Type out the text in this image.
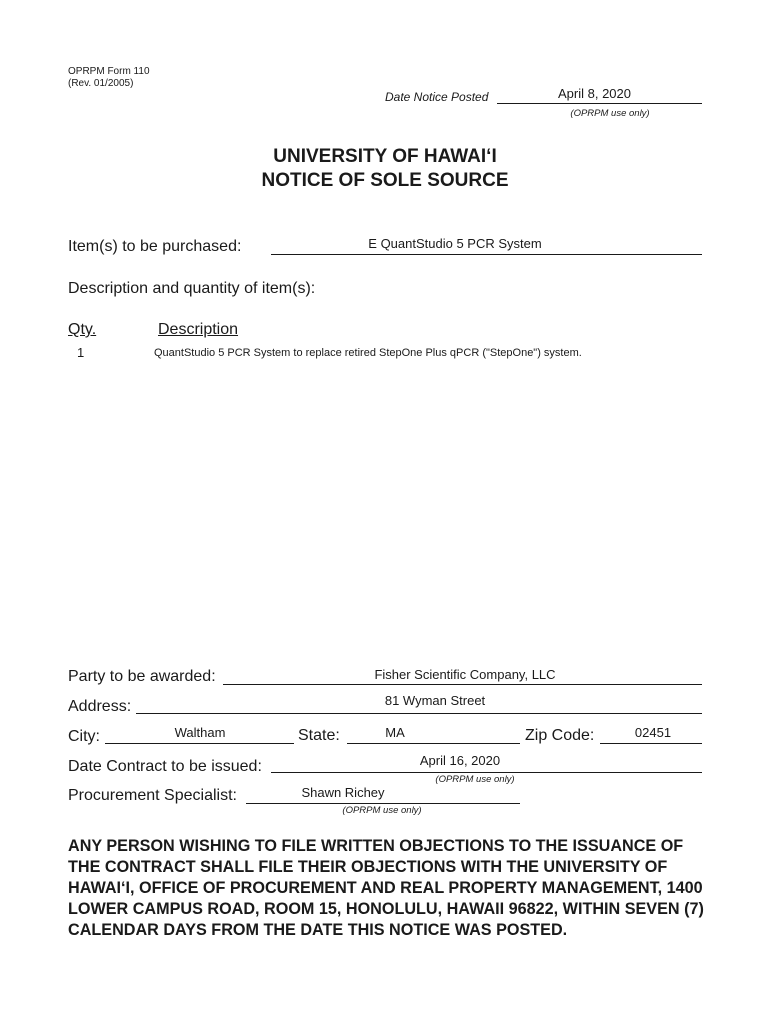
OPRPM Form 110
(Rev. 01/2005)
Date Notice Posted	April 8, 2020
(OPRPM use only)
UNIVERSITY OF HAWAI‘I
NOTICE OF SOLE SOURCE
Item(s) to be purchased:	E QuantStudio 5 PCR System
Description and quantity of item(s):
Qty.	Description
1	QuantStudio 5 PCR System to replace retired StepOne Plus qPCR ("StepOne") system.
Party to be awarded:	Fisher Scientific Company, LLC
Address:	81 Wyman Street
City:	Waltham	State:	MA	Zip Code:	02451
Date Contract to be issued:	April 16, 2020
(OPRPM use only)
Procurement Specialist:	Shawn Richey
(OPRPM use only)
ANY PERSON WISHING TO FILE WRITTEN OBJECTIONS TO THE ISSUANCE OF THE CONTRACT SHALL FILE THEIR OBJECTIONS WITH THE UNIVERSITY OF HAWAI‘I, OFFICE OF PROCUREMENT AND REAL PROPERTY MANAGEMENT, 1400 LOWER CAMPUS ROAD, ROOM 15, HONOLULU, HAWAII 96822, WITHIN SEVEN (7) CALENDAR DAYS FROM THE DATE THIS NOTICE WAS POSTED.
